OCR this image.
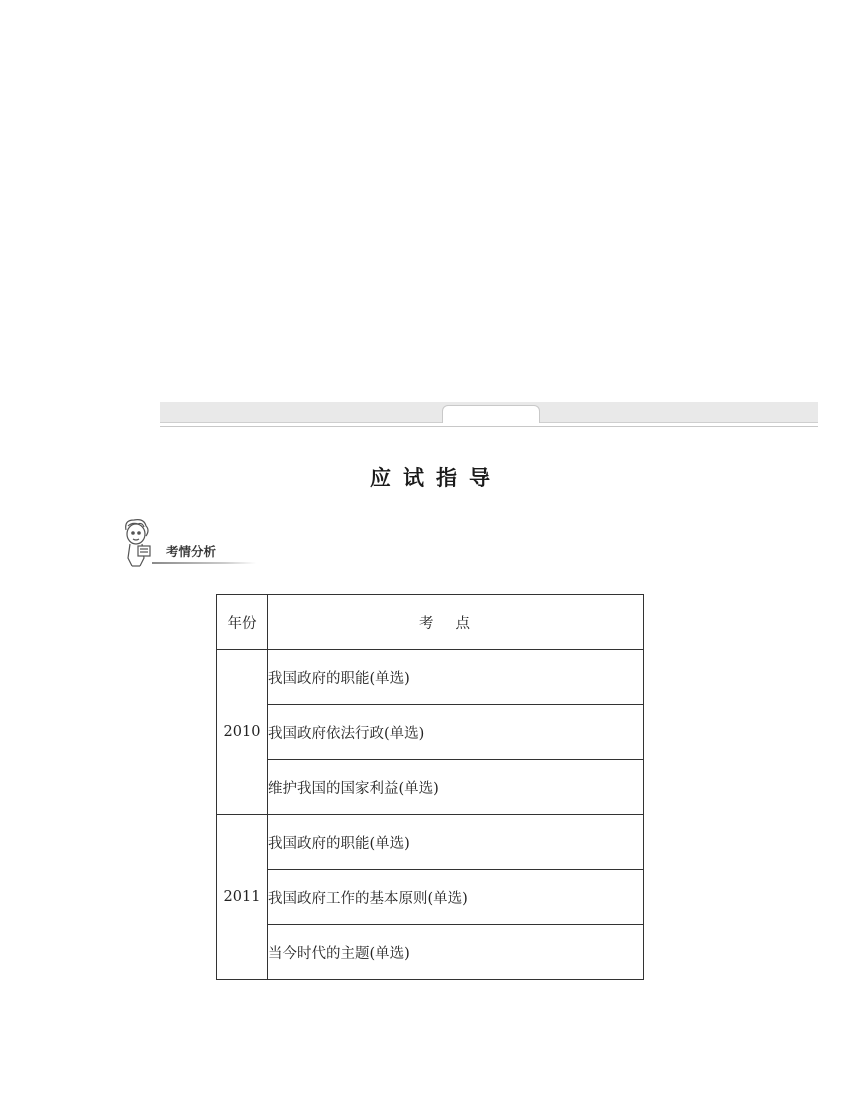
应试指导
考情分析
年份	考点
2010	我国政府的职能(单选)
	我国政府依法行政(单选)
	维护我国的国家利益(单选)
2011	我国政府的职能(单选)
	我国政府工作的基本原则(单选)
	当今时代的主题(单选)
